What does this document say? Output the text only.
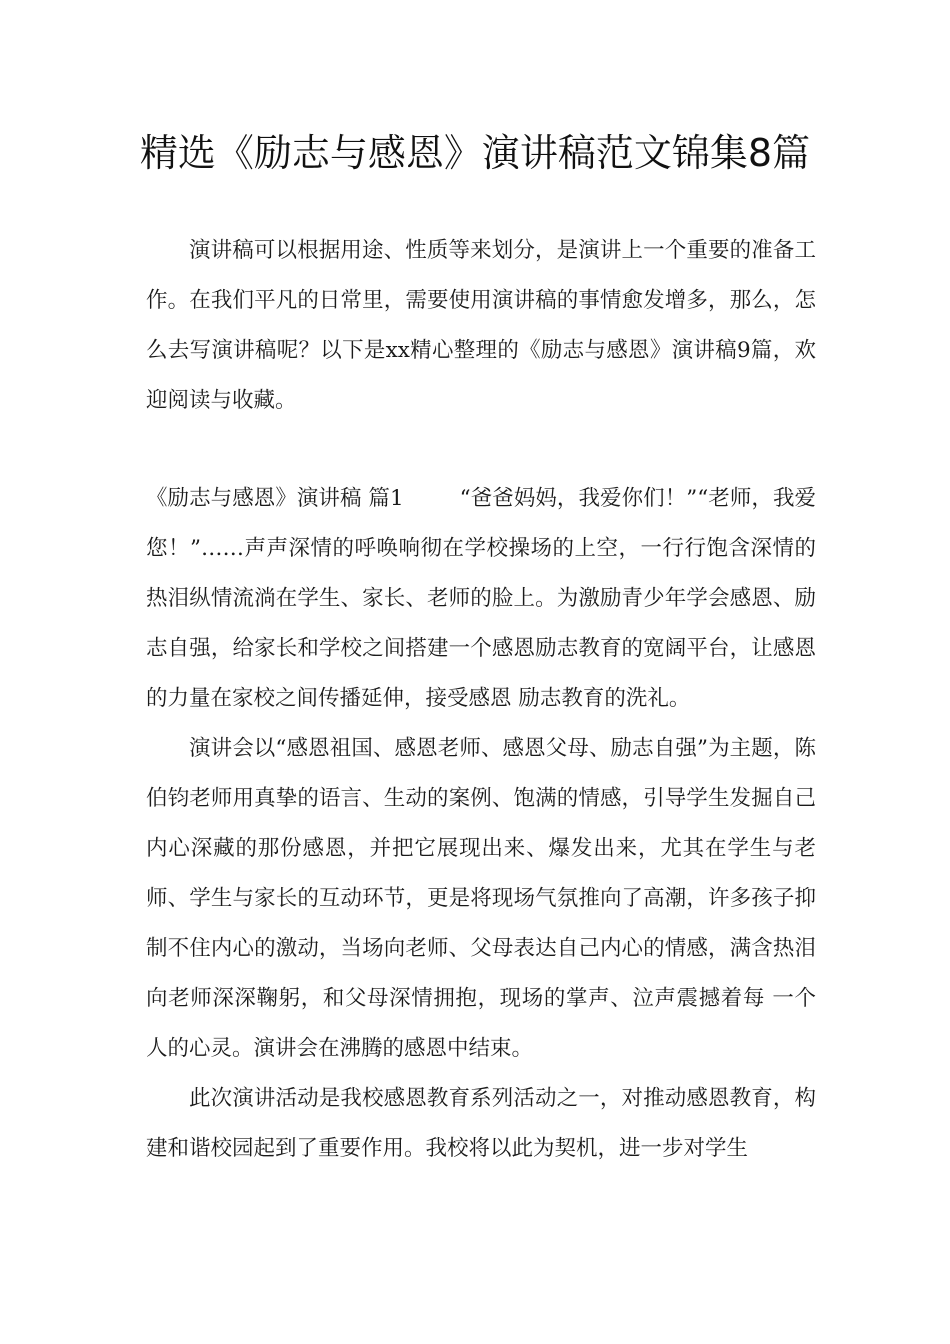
精选《励志与感恩》演讲稿范文锦集8篇

演讲稿可以根据用途、性质等来划分，是演讲上一个重要的准备工作。在我们平凡的日常里，需要使用演讲稿的事情愈发增多，那么，怎么去写演讲稿呢？以下是xx精心整理的《励志与感恩》演讲稿9篇，欢迎阅读与收藏。

《励志与感恩》演讲稿 篇1	“爸爸妈妈，我爱你们！”“老师，我爱您！”……声声深情的呼唤响彻在学校操场的上空，一行行饱含深情的热泪纵情流淌在学生、家长、老师的脸上。为激励青少年学会感恩、励志自强，给家长和学校之间搭建一个感恩励志教育的宽阔平台，让感恩的力量在家校之间传播延伸，接受感恩 励志教育的洗礼。

演讲会以“感恩祖国、感恩老师、感恩父母、励志自强”为主题，陈伯钧老师用真挚的语言、生动的案例、饱满的情感，引导学生发掘自己内心深藏的那份感恩，并把它展现出来、爆发出来，尤其在学生与老师、学生与家长的互动环节，更是将现场气氛推向了高潮，许多孩子抑制不住内心的激动，当场向老师、父母表达自己内心的情感，满含热泪向老师深深鞠躬，和父母深情拥抱，现场的掌声、泣声震撼着每 一个人的心灵。演讲会在沸腾的感恩中结束。

此次演讲活动是我校感恩教育系列活动之一，对推动感恩教育，构建和谐校园起到了重要作用。我校将以此为契机，进一步对学生
